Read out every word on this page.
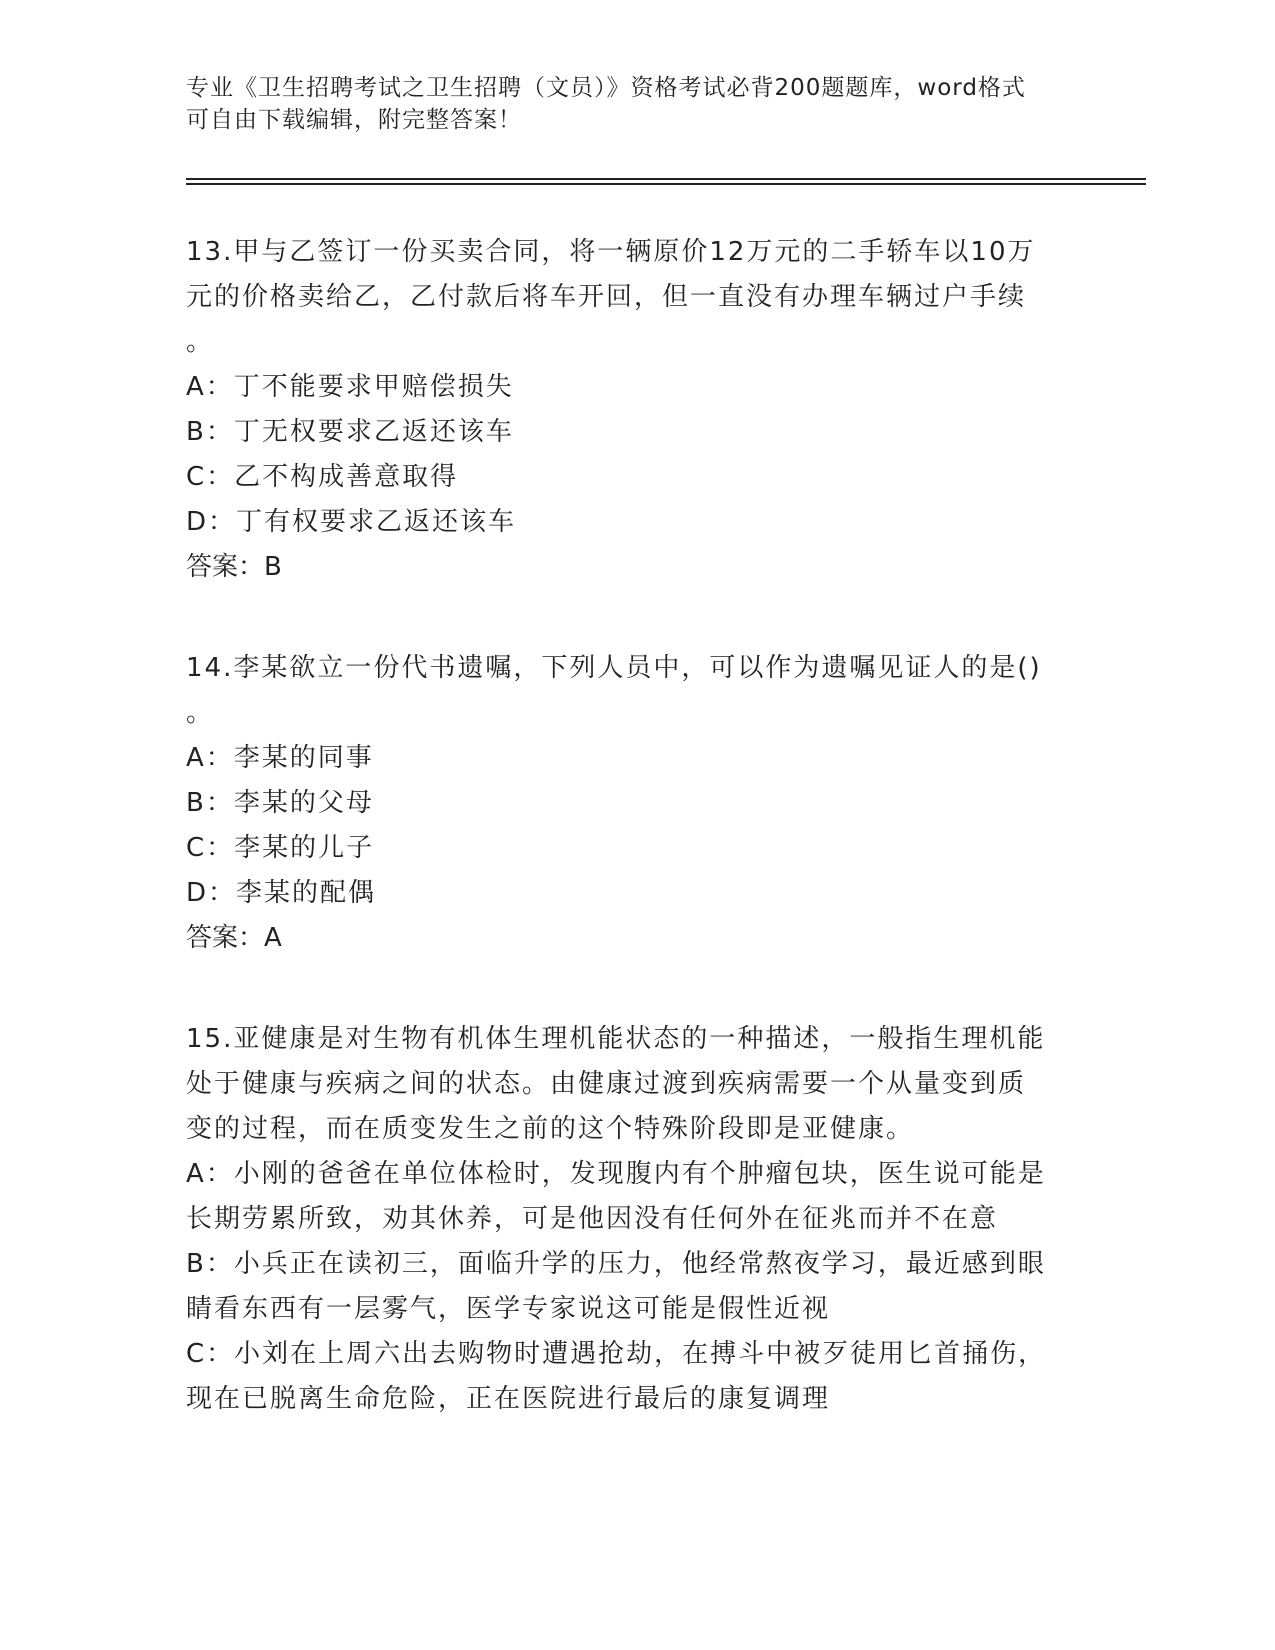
专业《卫生招聘考试之卫生招聘（文员）》资格考试必背200题题库，word格式

可自由下载编辑，附完整答案！

13.甲与乙签订一份买卖合同，将一辆原价12万元的二手轿车以10万

元的价格卖给乙，乙付款后将车开回，但一直没有办理车辆过户手续

。

A：丁不能要求甲赔偿损失

B：丁无权要求乙返还该车

C：乙不构成善意取得

D：丁有权要求乙返还该车

答案：B

14.李某欲立一份代书遗嘱，下列人员中，可以作为遗嘱见证人的是()

。

A：李某的同事

B：李某的父母

C：李某的儿子

D：李某的配偶

答案：A

15.亚健康是对生物有机体生理机能状态的一种描述，一般指生理机能

处于健康与疾病之间的状态。由健康过渡到疾病需要一个从量变到质

变的过程，而在质变发生之前的这个特殊阶段即是亚健康。

A：小刚的爸爸在单位体检时，发现腹内有个肿瘤包块，医生说可能是

长期劳累所致，劝其休养，可是他因没有任何外在征兆而并不在意

B：小兵正在读初三，面临升学的压力，他经常熬夜学习，最近感到眼

睛看东西有一层雾气，医学专家说这可能是假性近视

C：小刘在上周六出去购物时遭遇抢劫，在搏斗中被歹徒用匕首捅伤，

现在已脱离生命危险，正在医院进行最后的康复调理
